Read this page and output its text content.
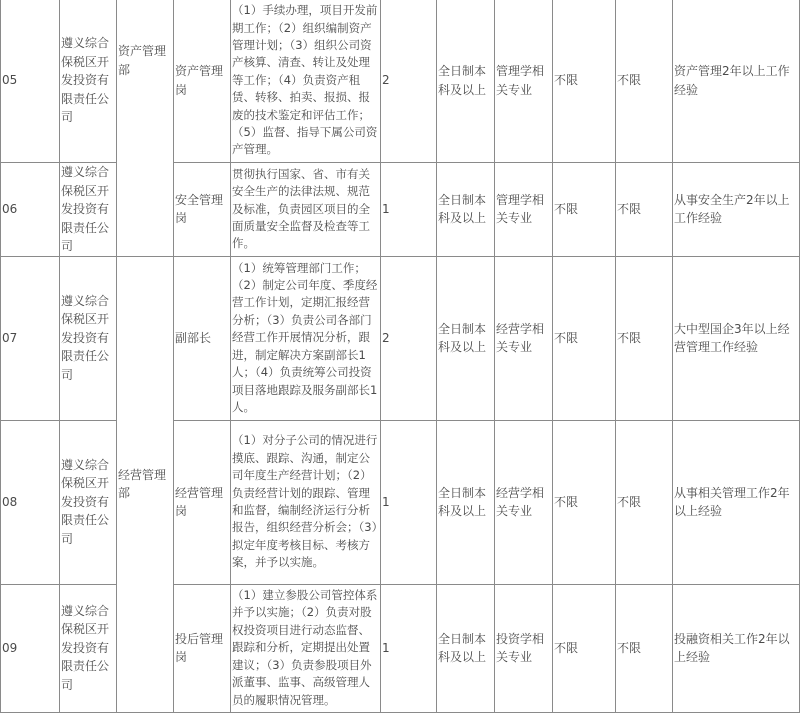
05	遵义综合保税区开发投资有限责任公司	资产管理部	资产管理岗	（1）手续办理，项目开发前期工作；（2）组织编制资产管理计划；（3）组织公司资产核算、清查、转让及处理等工作；（4）负责资产租赁、转移、拍卖、报损、报废的技术鉴定和评估工作；（5）监督、指导下属公司资产管理。	2	全日制本科及以上	管理学相关专业	不限	不限	资产管理2年以上工作经验
06	遵义综合保税区开发投资有限责任公司		安全管理岗	贯彻执行国家、省、市有关安全生产的法律法规、规范及标准，负责园区项目的全面质量安全监督及检查等工作。	1	全日制本科及以上	管理学相关专业	不限	不限	从事安全生产2年以上工作经验
07	遵义综合保税区开发投资有限责任公司	经营管理部	副部长	（1）统筹管理部门工作；（2）制定公司年度、季度经营工作计划，定期汇报经营分析；（3）负责公司各部门经营工作开展情况分析，跟进，制定解决方案副部长1人；（4）负责统筹公司投资项目落地跟踪及服务副部长1人。	2	全日制本科及以上	经营学相关专业	不限	不限	大中型国企3年以上经营管理工作经验
08	遵义综合保税区开发投资有限责任公司		经营管理岗	（1）对分子公司的情况进行摸底、跟踪、沟通，制定公司年度生产经营计划；（2）负责经营计划的跟踪、管理和监督，编制经济运行分析报告，组织经营分析会；（3）拟定年度考核目标、考核方案，并予以实施。	1	全日制本科及以上	经营学相关专业	不限	不限	从事相关管理工作2年以上经验
09	遵义综合保税区开发投资有限责任公司		投后管理岗	（1）建立参股公司管控体系并予以实施；（2）负责对股权投资项目进行动态监督、跟踪和分析，定期提出处置建议；（3）负责参股项目外派董事、监事、高级管理人员的履职情况管理。	1	全日制本科及以上	投资学相关专业	不限	不限	投融资相关工作2年以上经验
